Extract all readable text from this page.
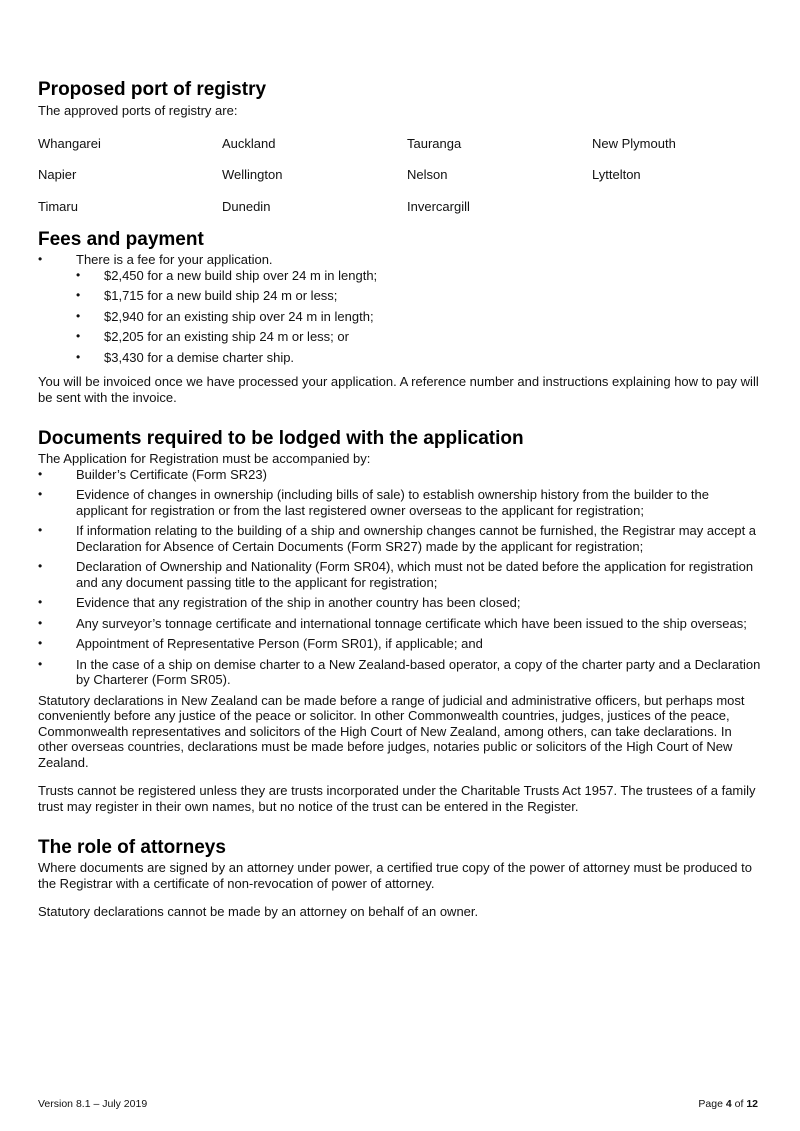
Proposed port of registry

The approved ports of registry are:

Whangarei	Auckland	Tauranga	New Plymouth
Napier	Wellington	Nelson	Lyttelton
Timaru	Dunedin	Invercargill
Fees and payment
• There is a fee for your application.
• $2,450 for a new build ship over 24 m in length;
• $1,715 for a new build ship 24 m or less;
• $2,940 for an existing ship over 24 m in length;
• $2,205 for an existing ship 24 m or less; or
• $3,430 for a demise charter ship.

You will be invoiced once we have processed your application. A reference number and instructions explaining how to pay will be sent with the invoice.

Documents required to be lodged with the application

The Application for Registration must be accompanied by:

• Builder’s Certificate (Form SR23)
• Evidence of changes in ownership (including bills of sale) to establish ownership history from the builder to the applicant for registration or from the last registered owner overseas to the applicant for registration;
• If information relating to the building of a ship and ownership changes cannot be furnished, the Registrar may accept a Declaration for Absence of Certain Documents (Form SR27) made by the applicant for registration;
• Declaration of Ownership and Nationality (Form SR04), which must not be dated before the application for registration and any document passing title to the applicant for registration;
• Evidence that any registration of the ship in another country has been closed;
• Any surveyor’s tonnage certificate and international tonnage certificate which have been issued to the ship overseas;
• Appointment of Representative Person (Form SR01), if applicable; and
• In the case of a ship on demise charter to a New Zealand-based operator, a copy of the charter party and a Declaration by Charterer (Form SR05).

Statutory declarations in New Zealand can be made before a range of judicial and administrative officers, but perhaps most conveniently before any justice of the peace or solicitor. In other Commonwealth countries, judges, justices of the peace, Commonwealth representatives and solicitors of the High Court of New Zealand, among others, can take declarations. In other overseas countries, declarations must be made before judges, notaries public or solicitors of the High Court of New Zealand.

Trusts cannot be registered unless they are trusts incorporated under the Charitable Trusts Act 1957. The trustees of a family trust may register in their own names, but no notice of the trust can be entered in the Register.

The role of attorneys

Where documents are signed by an attorney under power, a certified true copy of the power of attorney must be produced to the Registrar with a certificate of non-revocation of power of attorney.

Statutory declarations cannot be made by an attorney on behalf of an owner.

Version 8.1 – July 2019	Page 4 of 12
